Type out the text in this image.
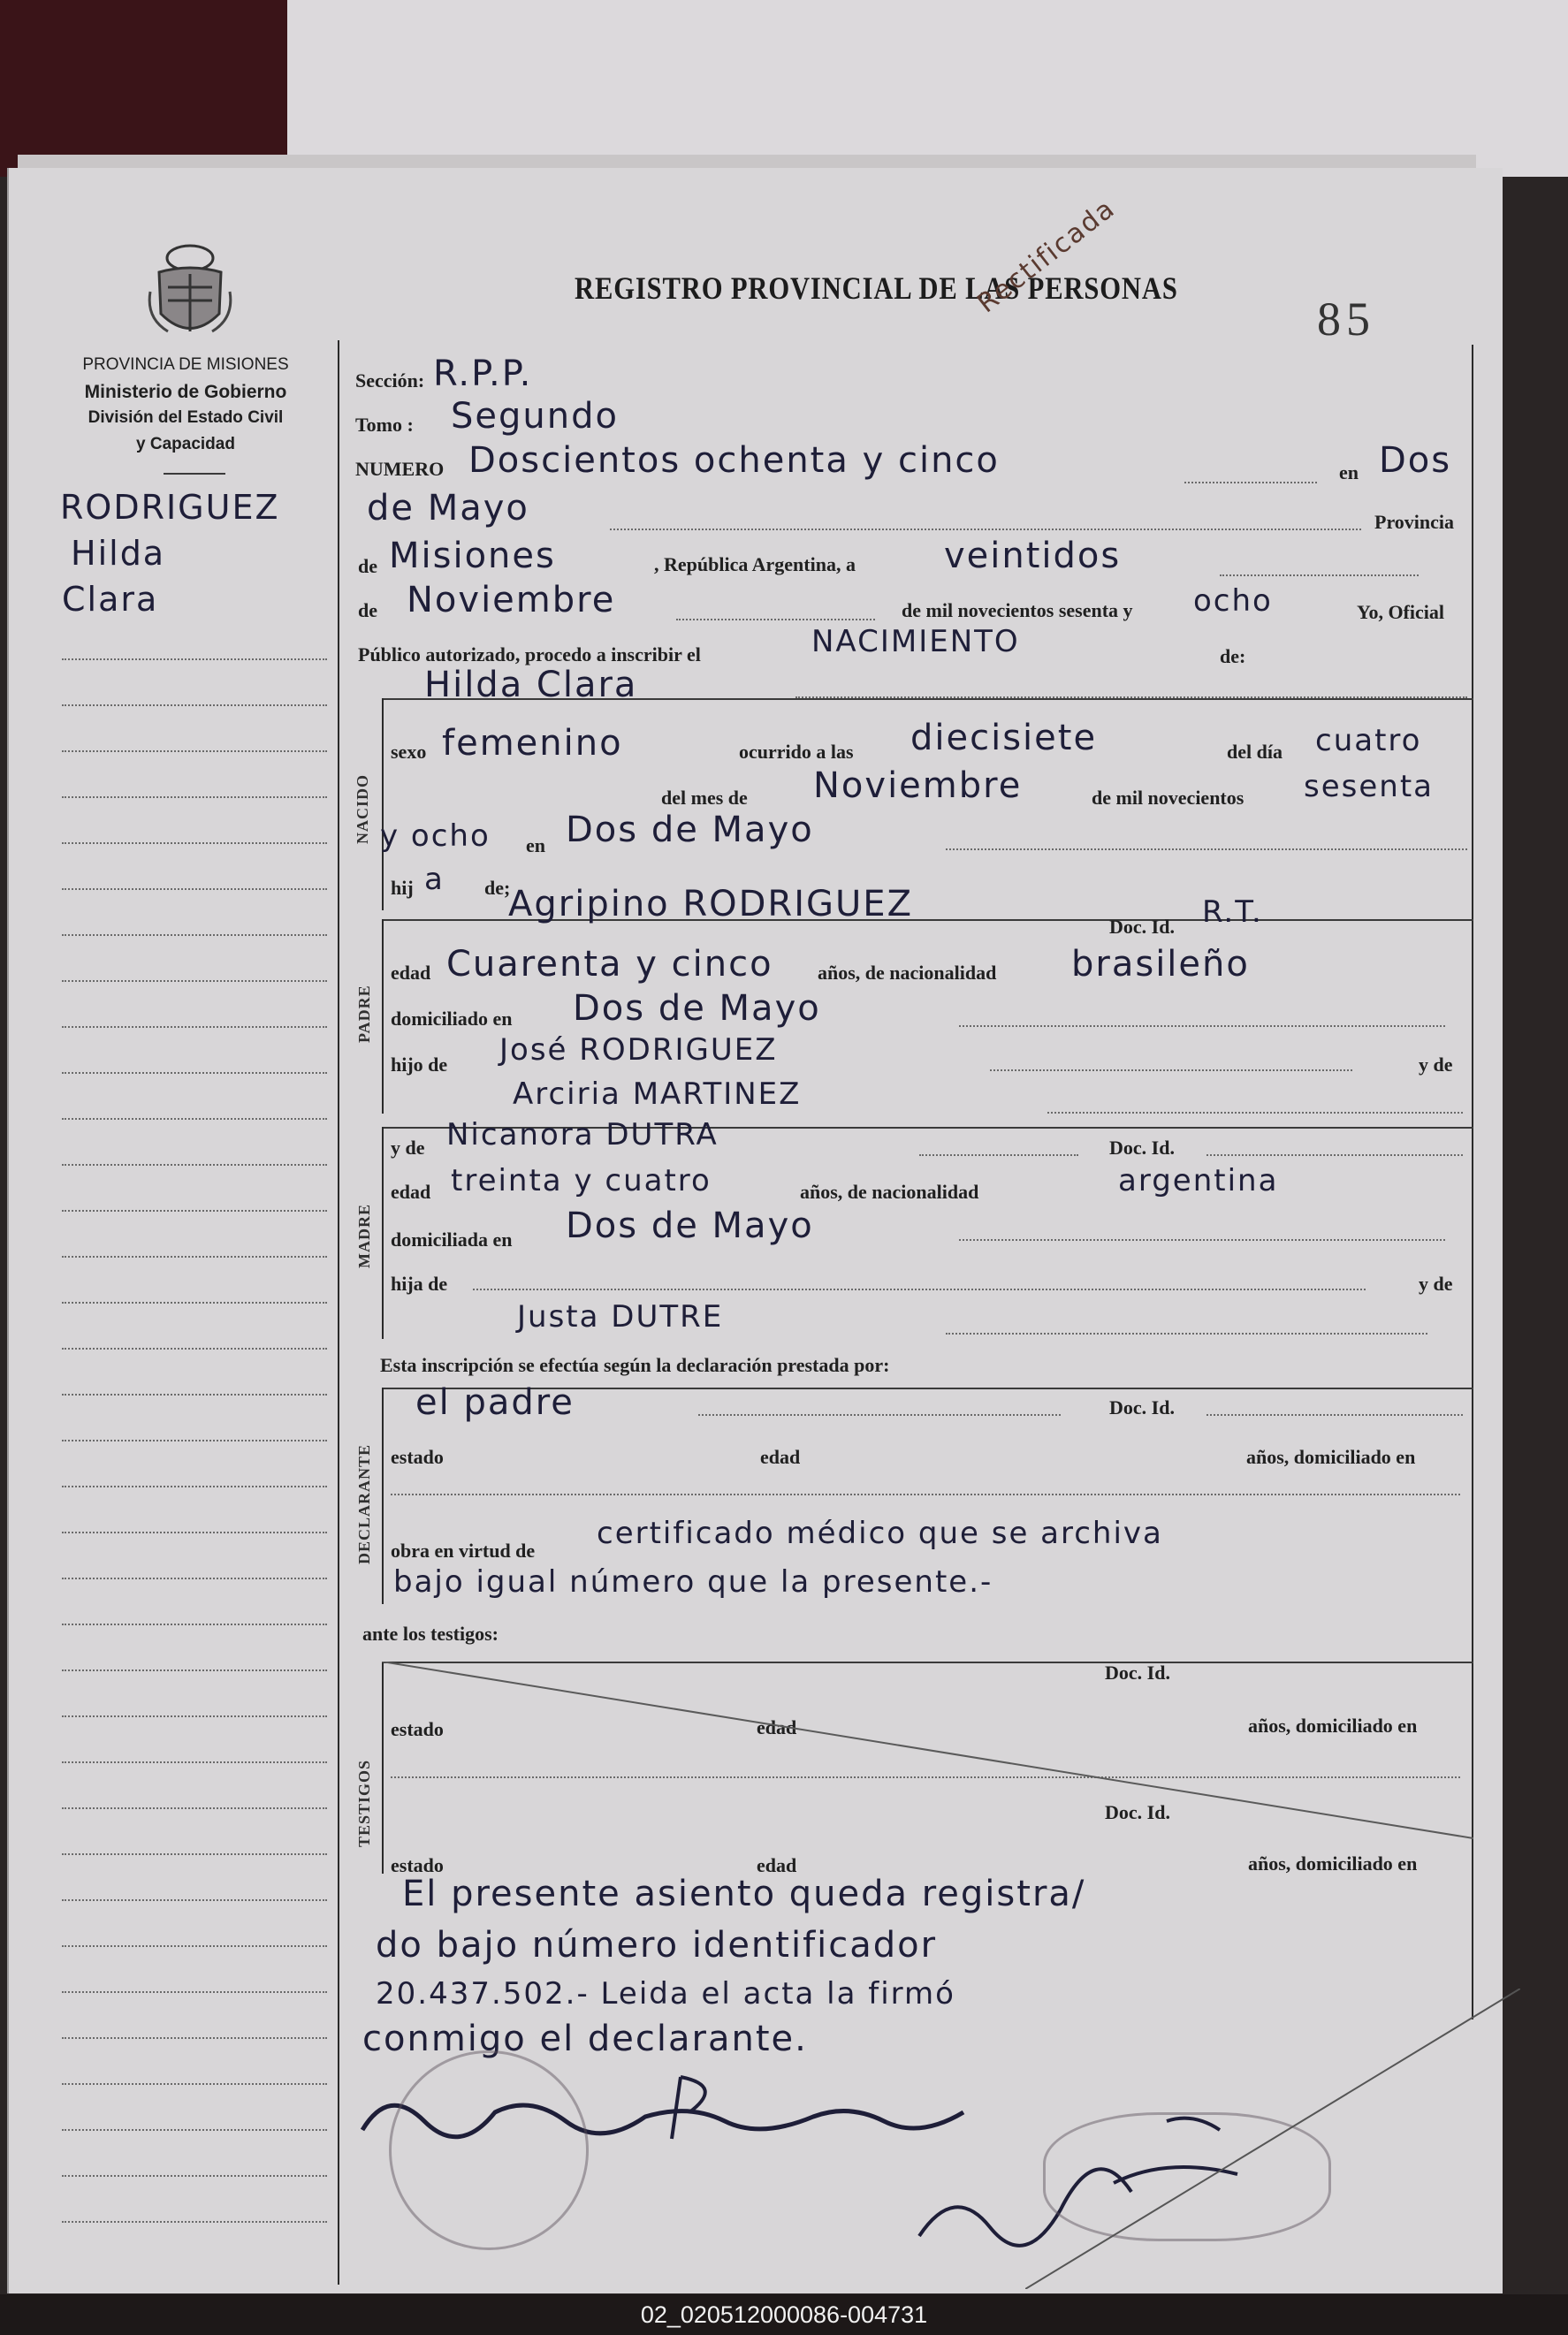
PROVINCIA DE MISIONES
Ministerio de Gobierno
División del Estado Civil
y Capacidad
RODRIGUEZ
Hilda
Clara
REGISTRO PROVINCIAL DE LAS PERSONAS
85
Rectificada
Sección: R.P.P.
Tomo : Segundo
NUMERO Doscientos ochenta y cinco	en Dos
de Mayo	Provincia
de Misiones	, República Argentina, a	veintidos
de Noviembre	de mil novecientos sesenta y ocho	Yo, Oficial
Público autorizado, procedo a inscribir el	NACIMIENTO	de:
NACIDO
Hilda Clara
sexo femenino	ocurrido a las diecisiete	del día cuatro
del mes de Noviembre	de mil novecientos sesenta
y ocho en Dos de Mayo
hij a de;
PADRE
Agripino RODRIGUEZ
Doc. Id. R.T.
edad Cuarenta y cinco años, de nacionalidad brasileño
domiciliado en Dos de Mayo
hijo de José RODRIGUEZ	y de
Arciria MARTINEZ
MADRE
y de Nicanora DUTRA	Doc. Id.
edad treinta y cuatro	años, de nacionalidad	argentina
domiciliada en Dos de Mayo
hija de	y de
Justa DUTRE
Esta inscripción se efectúa según la declaración prestada por:
DECLARANTE
el padre	Doc. Id.
estado	edad	años, domiciliado en
obra en virtud de certificado médico que se archiva
bajo igual número que la presente.-
ante los testigos:
TESTIGOS
Doc. Id.
estado	edad	años, domiciliado en
Doc. Id.
estado	edad	años, domiciliado en
El presente asiento queda registra/
do bajo número identificador
20.437.502.- Leida el acta la firmó
conmigo el declarante.
02_020512000086-004731
